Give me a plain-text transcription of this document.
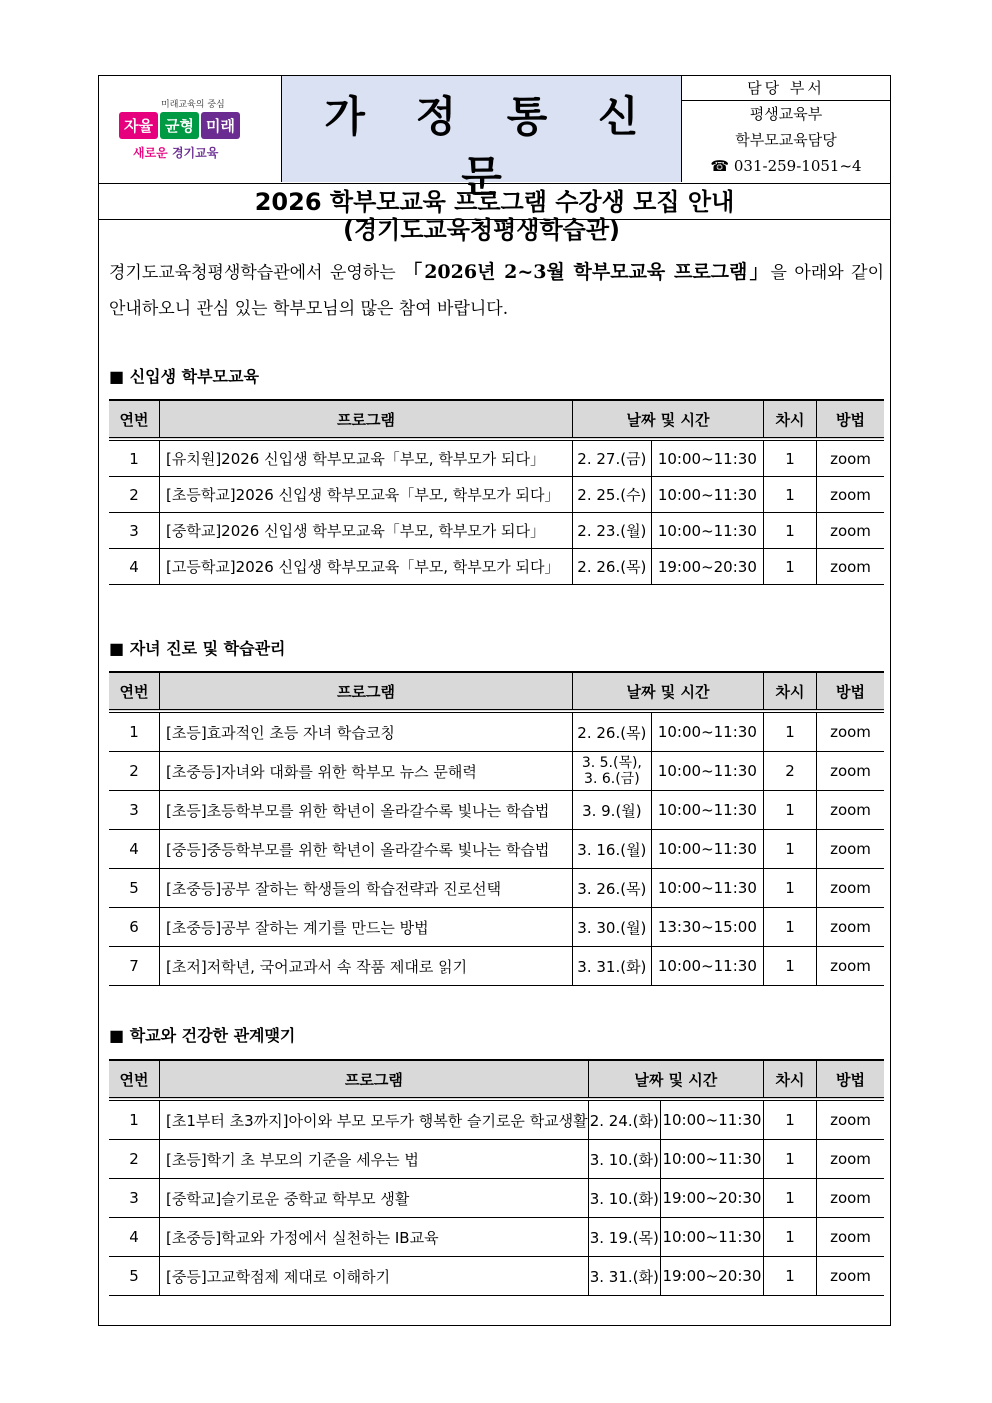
미래교육의 중심
자율 균형 미래
새로운 경기교육
가 정 통 신 문
(경기도교육청평생학습관)
담당 부서
평생교육부
학부모교육담당
☎ 031-259-1051~4
2026 학부모교육 프로그램 수강생 모집 안내
경기도교육청평생학습관에서 운영하는 「2026년 2~3월 학부모교육 프로그램」을 아래와 같이 안내하오니 관심 있는 학부모님의 많은 참여 바랍니다.
■ 신입생 학부모교육
연번	프로그램	날짜 및 시간		차시	방법
1	[유치원]2026 신입생 학부모교육「부모, 학부모가 되다」	2. 27.(금)	10:00~11:30	1	zoom
2	[초등학교]2026 신입생 학부모교육「부모, 학부모가 되다」	2. 25.(수)	10:00~11:30	1	zoom
3	[중학교]2026 신입생 학부모교육「부모, 학부모가 되다」	2. 23.(월)	10:00~11:30	1	zoom
4	[고등학교]2026 신입생 학부모교육「부모, 학부모가 되다」	2. 26.(목)	19:00~20:30	1	zoom
■ 자녀 진로 및 학습관리
연번	프로그램	날짜 및 시간		차시	방법
1	[초등]효과적인 초등 자녀 학습코칭	2. 26.(목)	10:00~11:30	1	zoom
2	[초중등]자녀와 대화를 위한 학부모 뉴스 문해력	3. 5.(목),
3. 6.(금)	10:00~11:30	2	zoom
3	[초등]초등학부모를 위한 학년이 올라갈수록 빛나는 학습법	3. 9.(월)	10:00~11:30	1	zoom
4	[중등]중등학부모를 위한 학년이 올라갈수록 빛나는 학습법	3. 16.(월)	10:00~11:30	1	zoom
5	[초중등]공부 잘하는 학생들의 학습전략과 진로선택	3. 26.(목)	10:00~11:30	1	zoom
6	[초중등]공부 잘하는 계기를 만드는 방법	3. 30.(월)	13:30~15:00	1	zoom
7	[초저]저학년, 국어교과서 속 작품 제대로 읽기	3. 31.(화)	10:00~11:30	1	zoom
■ 학교와 건강한 관계맺기
연번	프로그램	날짜 및 시간		차시	방법
1	[초1부터 초3까지]아이와 부모 모두가 행복한 슬기로운 학교생활	2. 24.(화)	10:00~11:30	1	zoom
2	[초등]학기 초 부모의 기준을 세우는 법	3. 10.(화)	10:00~11:30	1	zoom
3	[중학교]슬기로운 중학교 학부모 생활	3. 10.(화)	19:00~20:30	1	zoom
4	[초중등]학교와 가정에서 실천하는 IB교육	3. 19.(목)	10:00~11:30	1	zoom
5	[중등]고교학점제 제대로 이해하기	3. 31.(화)	19:00~20:30	1	zoom
